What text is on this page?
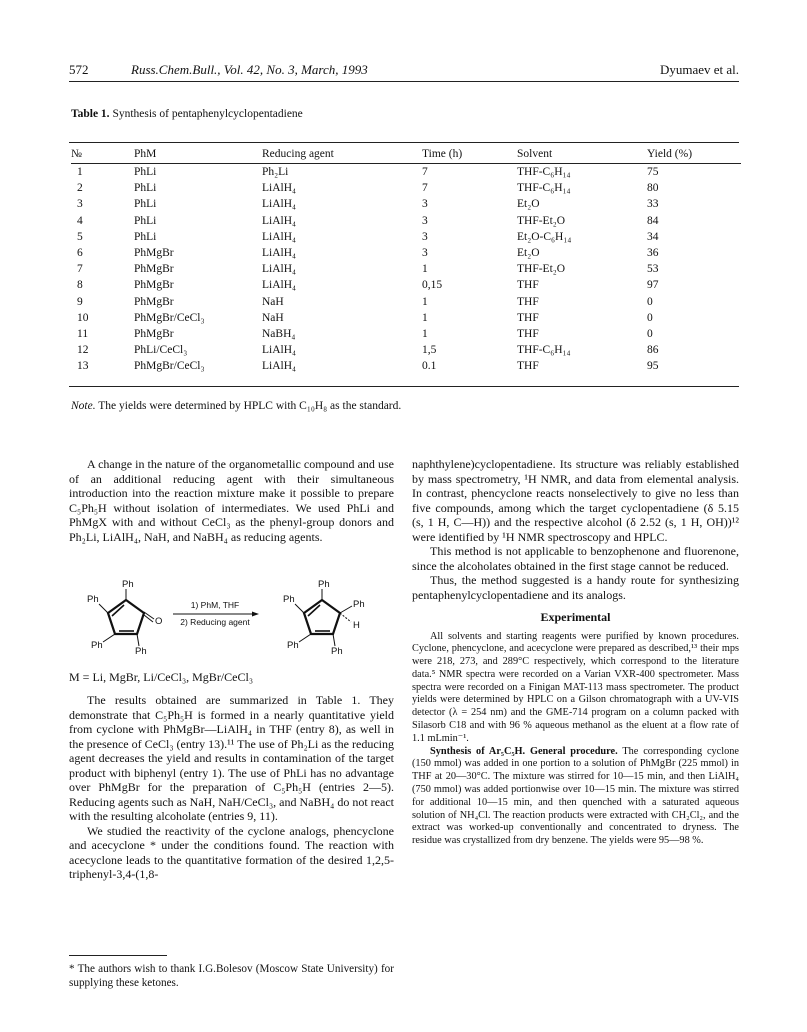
572	Russ.Chem.Bull., Vol. 42, No. 3, March, 1993	Dyumaev et al.
Table 1. Synthesis of pentaphenylcyclopentadiene
№	PhM	Reducing agent	Time (h)	Solvent	Yield (%)
1	PhLi	Ph₂Li	7	THF-C₆H₁₄	75
2	PhLi	LiAlH₄	7	THF-C₆H₁₄	80
3	PhLi	LiAlH₄	3	Et₂O	33
4	PhLi	LiAlH₄	3	THF-Et₂O	84
5	PhLi	LiAlH₄	3	Et₂O-C₆H₁₄	34
6	PhMgBr	LiAlH₄	3	Et₂O	36
7	PhMgBr	LiAlH₄	1	THF-Et₂O	53
8	PhMgBr	LiAlH₄	0,15	THF	97
9	PhMgBr	NaH	1	THF	0
10	PhMgBr/CeCl₃	NaH	1	THF	0
11	PhMgBr	NaBH₄	1	THF	0
12	PhLi/CeCl₃	LiAlH₄	1,5	THF-C₆H₁₄	86
13	PhMgBr/CeCl₃	LiAlH₄	0.1	THF	95
Note. The yields were determined by HPLC with C₁₀H₈ as the standard.

A change in the nature of the organometallic compound and use of an additional reducing agent with their simultaneous introduction into the reaction mixture make it possible to prepare C₅Ph₅H without isolation of intermediates. We used PhLi and PhMgX with and without CeCl₃ as the phenyl-group donors and Ph₂Li, LiAlH₄, NaH, and NaBH₄ as reducing agents.

Ph
Ph
O
Ph
Ph
1) PhM, THF
2) Reducing agent
Ph
Ph	Ph
H
Ph
Ph
M = Li, MgBr, Li/CeCl₃, MgBr/CeCl₃

The results obtained are summarized in Table 1. They demonstrate that C₅Ph₅H is formed in a nearly quantitative yield from cyclone with PhMgBr—LiAlH₄ in THF (entry 8), as well in the presence of CeCl₃ (entry 13).¹¹ The use of Ph₂Li as the reducing agent decreases the yield and results in contamination of the target product with biphenyl (entry 1). The use of PhLi has no advantage over PhMgBr for the preparation of C₅Ph₅H (entries 2—5). Reducing agents such as NaH, NaH/CeCl₃, and NaBH₄ do not react with the resulting alcoholate (entries 9, 11).

We studied the reactivity of the cyclone analogs, phencyclone and acecyclone * under the conditions found. The reaction with acecyclone leads to the quantitative formation of the desired 1,2,5-triphenyl-3,4-(1,8-

* The authors wish to thank I.G.Bolesov (Moscow State University) for supplying these ketones.

naphthylene)cyclopentadiene. Its structure was reliably established by mass spectrometry, ¹H NMR, and data from elemental analysis. In contrast, phencyclone reacts nonselectively to give no less than five compounds, among which the target cyclopentadiene (δ 5.15 (s, 1 H, C—H)) and the respective alcohol (δ 2.52 (s, 1 H, OH))¹² were identified by ¹H NMR spectroscopy and HPLC.

This method is not applicable to benzophenone and fluorenone, since the alcoholates obtained in the first stage cannot be reduced.

Thus, the method suggested is a handy route for synthesizing pentaphenylcyclopentadiene and its analogs.

Experimental

All solvents and starting reagents were purified by known procedures. Cyclone, phencyclone, and acecyclone were prepared as described,¹³ their mps were 218, 273, and 289°C respectively, which correspond to the literature data.⁵ NMR spectra were recorded on a Varian VXR-400 spectrometer. Mass spectra were recorded on a Finigan MAT-113 mass spectrometer. The product yields were determined by HPLC on a Gilson chromatograph with a UV-VIS detector (λ = 254 nm) and the GME-714 program on a column packed with Silasorb C18 and with 96 % aqueous methanol as the eluent at a flow rate of 1.1 mLmin⁻¹.

Synthesis of Ar₅C₅H. General procedure. The corresponding cyclone (150 mmol) was added in one portion to a solution of PhMgBr (225 mmol) in THF at 20—30°C. The mixture was stirred for 10—15 min, and then LiAlH₄ (750 mmol) was added portionwise over 10—15 min. The mixture was stirred for additional 10—15 min, and then quenched with a saturated aqueous solution of NH₄Cl. The reaction products were extracted with CH₂Cl₂, and the extract was worked-up conventionally and concentrated to dryness. The residue was crystallized from dry benzene. The yields were 95—98 %.
